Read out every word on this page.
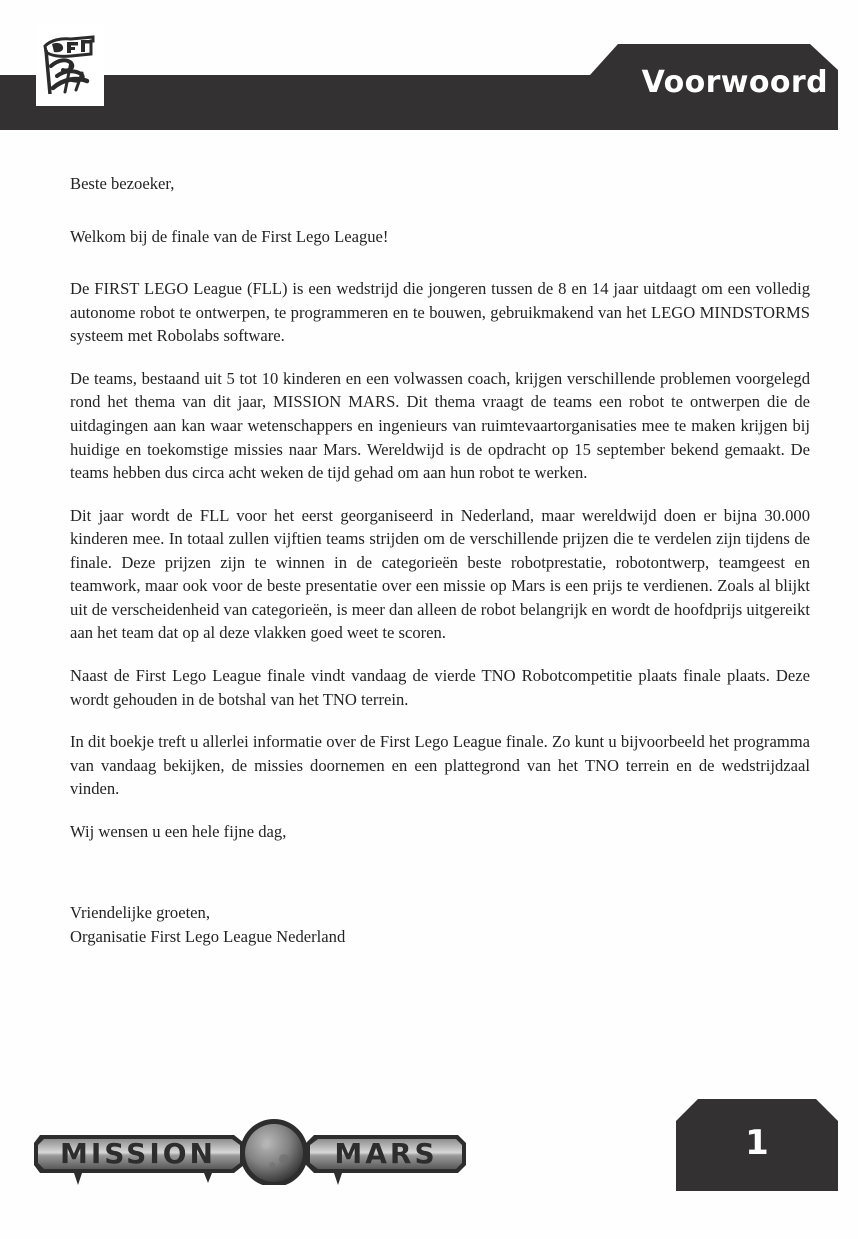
Voorwoord

Beste bezoeker,

Welkom bij de finale van de First Lego League!

De FIRST LEGO League (FLL) is een wedstrijd die jongeren tussen de 8 en 14 jaar uitdaagt om een volledig autonome robot te ontwerpen, te programmeren en te bouwen, gebruikmakend van het LEGO MINDSTORMS systeem met Robolabs software.

De teams, bestaand uit 5 tot 10 kinderen en een volwassen coach, krijgen verschillende problemen voorgelegd rond het thema van dit jaar, MISSION MARS. Dit thema vraagt de teams een robot te ontwerpen die de uitdagingen aan kan waar wetenschappers en ingenieurs van ruimtevaartorganisaties mee te maken krijgen bij huidige en toekomstige missies naar Mars. Wereldwijd is de opdracht op 15 september bekend gemaakt. De teams hebben dus circa acht weken de tijd gehad om aan hun robot te werken.

Dit jaar wordt de FLL voor het eerst georganiseerd in Nederland, maar wereldwijd doen er bijna 30.000 kinderen mee. In totaal zullen vijftien teams strijden om de verschillende prijzen die te verdelen zijn tijdens de finale. Deze prijzen zijn te winnen in de categorieën beste robotprestatie, robotontwerp, teamgeest en teamwork, maar ook voor de beste presentatie over een missie op Mars is een prijs te verdienen. Zoals al blijkt uit de verscheidenheid van categorieën, is meer dan alleen de robot belangrijk en wordt de hoofdprijs uitgereikt aan het team dat op al deze vlakken goed weet te scoren.

Naast de First Lego League finale vindt vandaag de vierde TNO Robotcompetitie plaats finale plaats. Deze wordt gehouden in de botshal van het TNO terrein.

In dit boekje treft u allerlei informatie over de First Lego League finale. Zo kunt u bijvoorbeeld het programma van vandaag bekijken, de missies doornemen en een plattegrond van het TNO terrein en de wedstrijdzaal vinden.

Wij wensen u een hele fijne dag,

Vriendelijke groeten,
Organisatie First Lego League Nederland
MISSION	MARS	1
